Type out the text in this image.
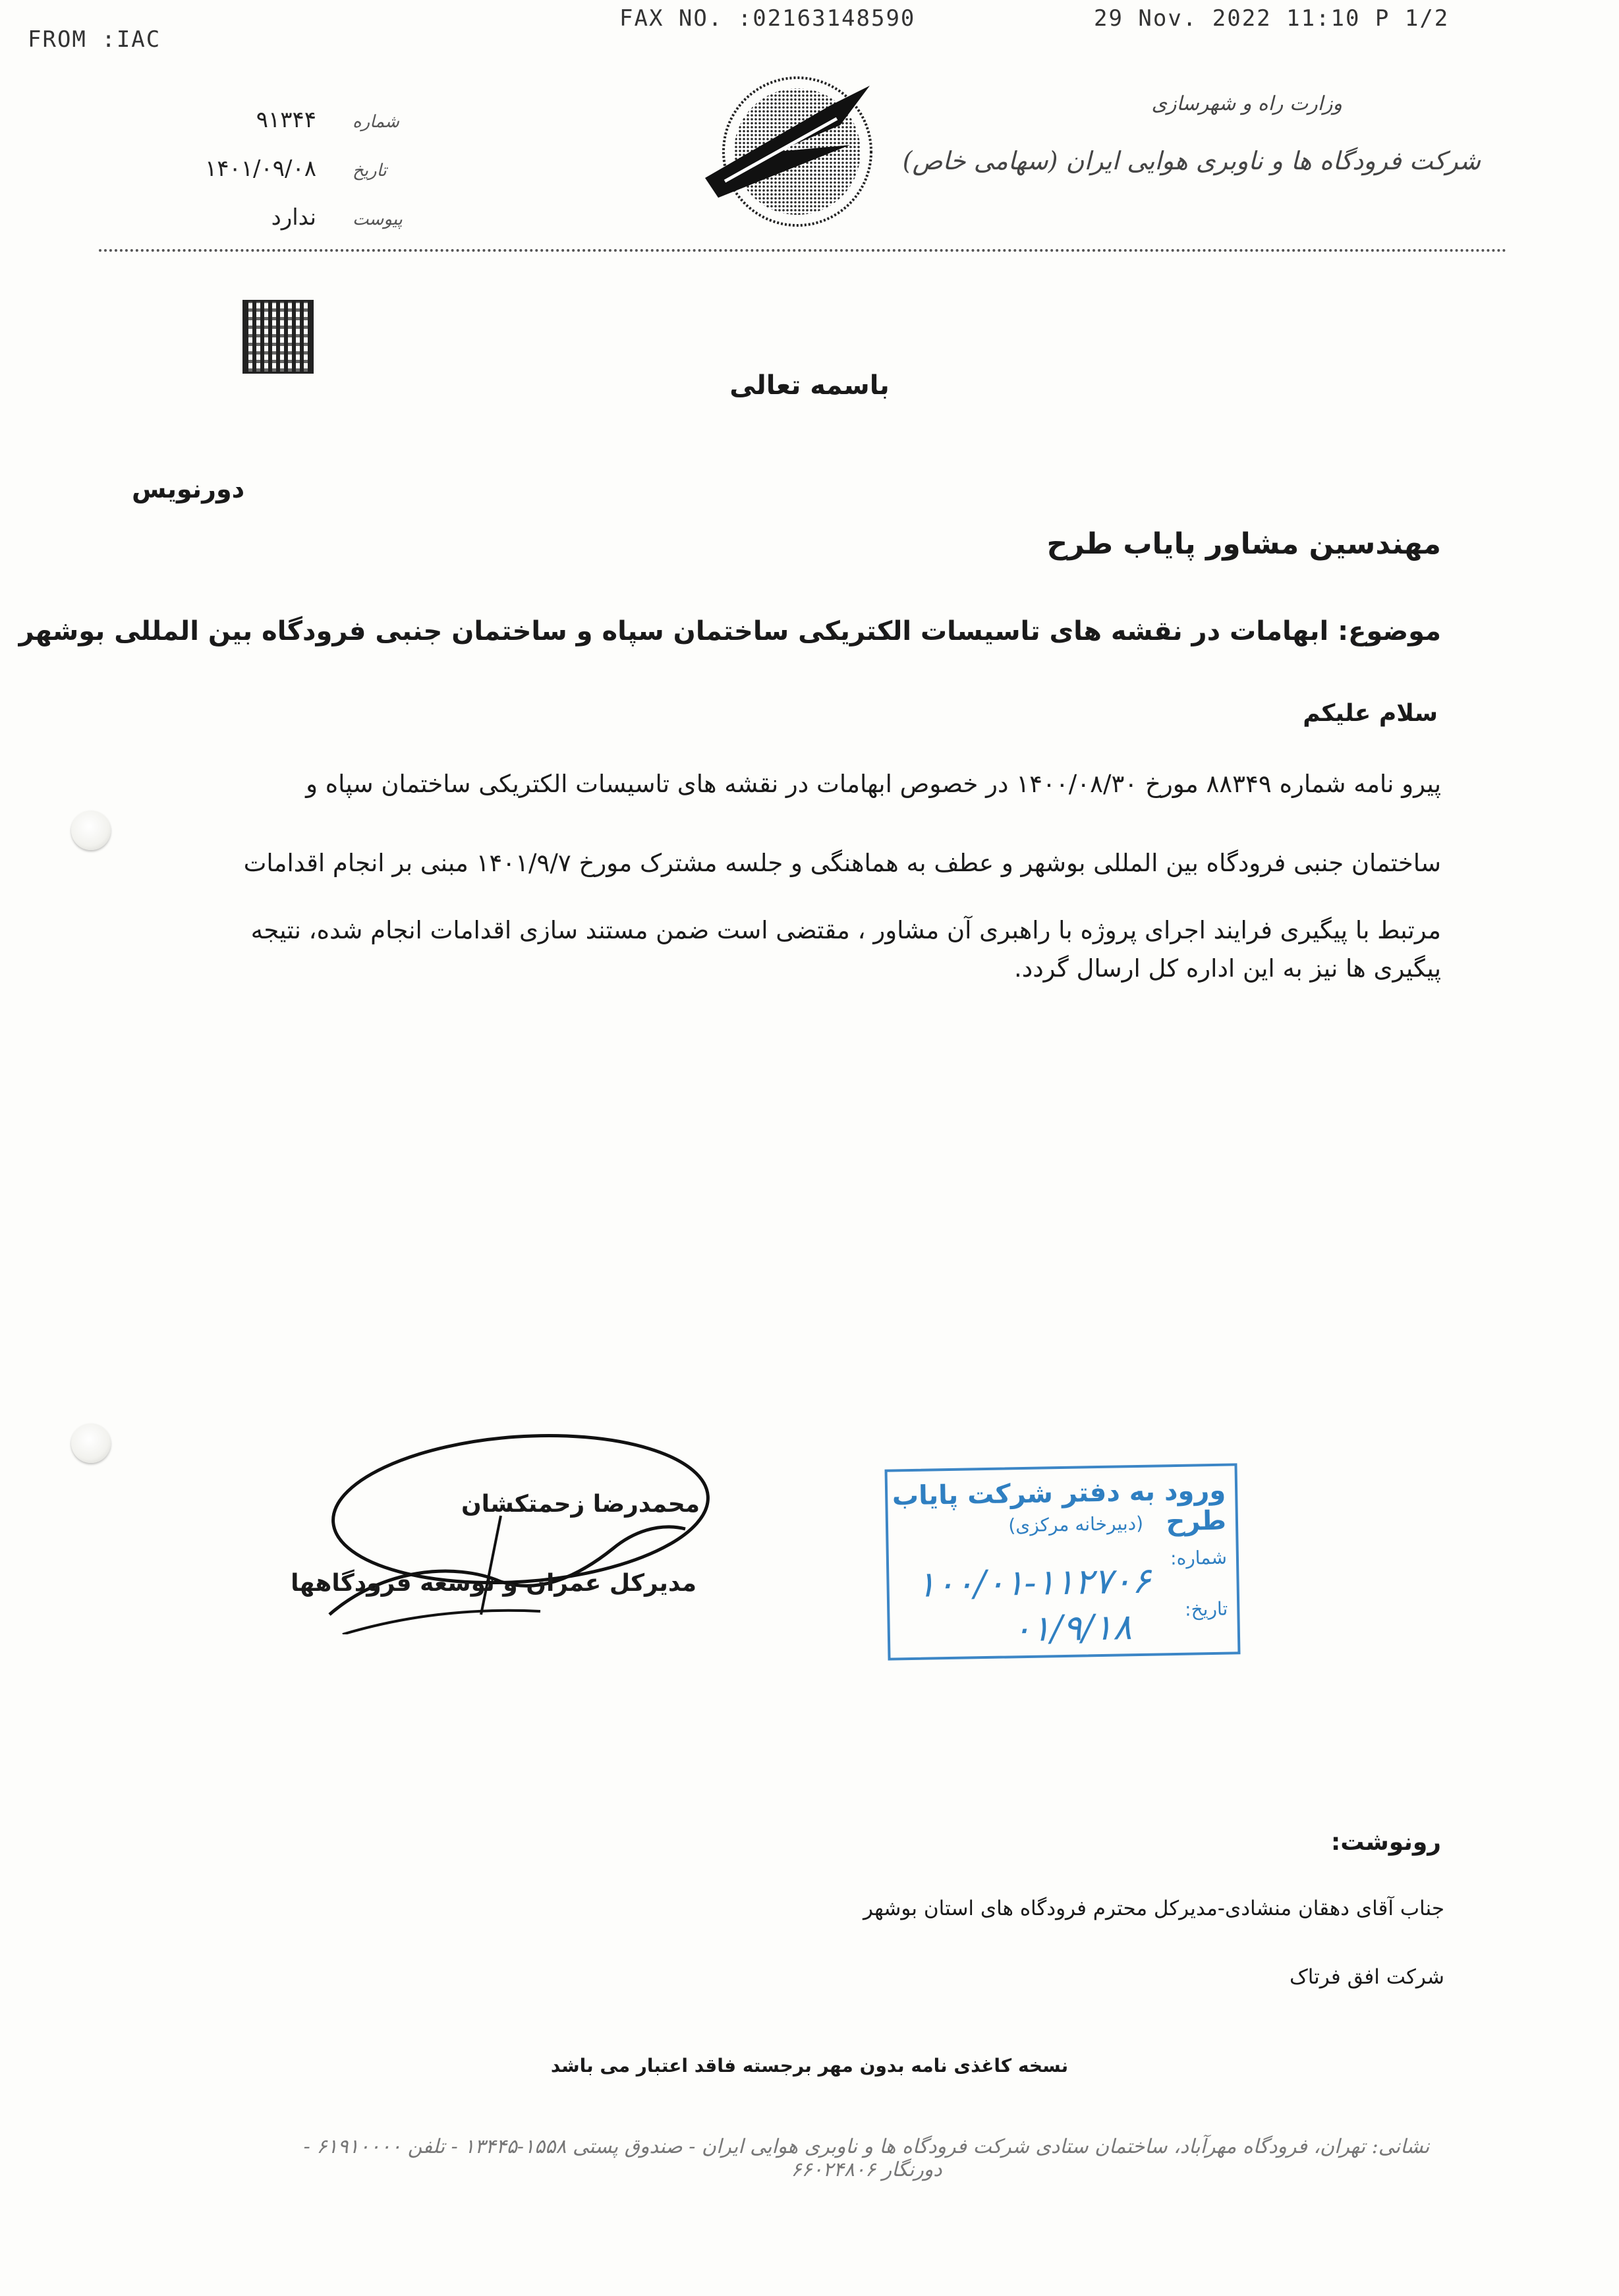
FROM :IAC
FAX NO. :02163148590	29 Nov. 2022 11:10 P 1/2
۹۱۳۴۴ شماره
۱۴۰۱/۰۹/۰۸ تاریخ
ندارد پیوست
وزارت راه و شهرسازی
شرکت فرودگاه ها و ناوبری هوایی ایران (سهامی خاص)
باسمه تعالی
دورنویس
مهندسین مشاور پایاب طرح
موضوع: ابهامات در نقشه های تاسیسات الکتریکی ساختمان سپاه و ساختمان جنبی فرودگاه بین المللی بوشهر
سلام علیکم
پیرو نامه شماره ۸۸۳۴۹ مورخ ۱۴۰۰/۰۸/۳۰ در خصوص ابهامات در نقشه های تاسیسات الکتریکی ساختمان سپاه و
ساختمان جنبی فرودگاه بین المللی بوشهر و عطف به هماهنگی و جلسه مشترک مورخ ۱۴۰۱/۹/۷ مبنی بر انجام اقدامات
مرتبط با پیگیری فرایند اجرای پروژه با راهبری آن مشاور ، مقتضی است ضمن مستند سازی اقدامات انجام شده، نتیجه
پیگیری ها نیز به این اداره کل ارسال گردد.
محمدرضا زحمتکشان
مدیرکل عمران و توسعه فرودگاهها
ورود به دفتر شرکت پایاب طرح
(دبیرخانه مرکزی)
شماره:
۱۰۰/۰۱-۱۱۲۷۰۶
تاریخ:
۰۱/۹/۱۸
رونوشت:
جناب آقای دهقان منشادی-مدیرکل محترم فرودگاه های استان بوشهر
شرکت افق فرتاک
نسخه کاغذی نامه بدون مهر برجسته فاقد اعتبار می باشد
نشانی: تهران، فرودگاه مهرآباد، ساختمان ستادی شرکت فرودگاه ها و ناوبری هوایی ایران - صندوق پستی ۱۵۵۸-۱۳۴۴۵ - تلفن ۶۱۹۱۰۰۰۰ - دورنگار ۶۶۰۲۴۸۰۶
